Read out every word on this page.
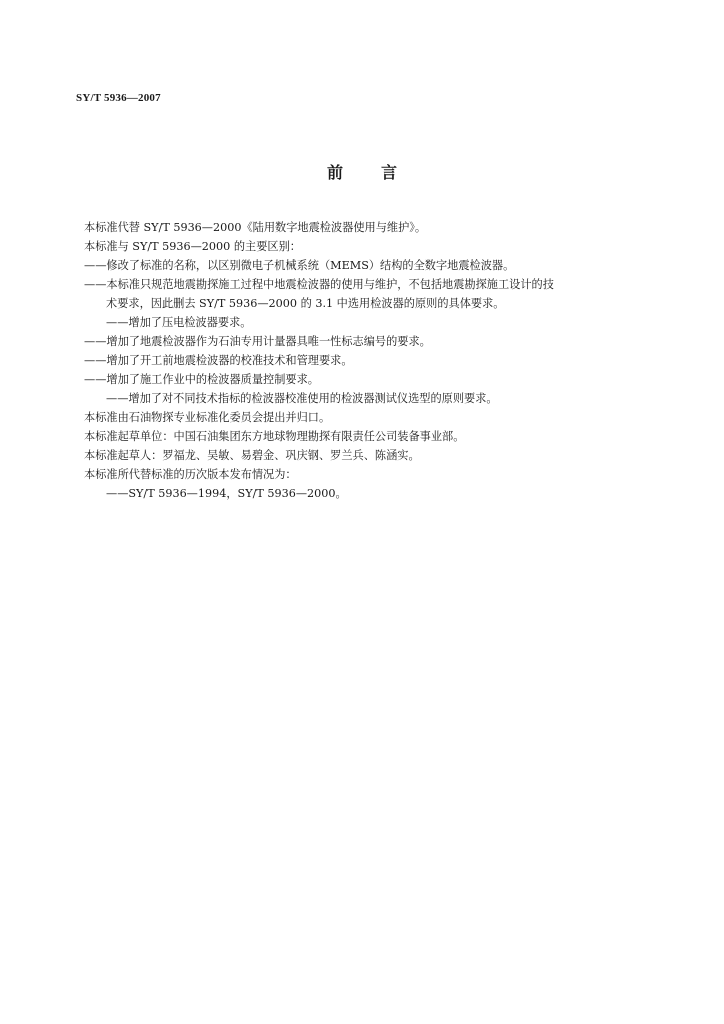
SY/T 5936—2007
前言
本标准代替 SY/T 5936—2000《陆用数字地震检波器使用与维护》。
本标准与 SY/T 5936—2000 的主要区别：
——修改了标准的名称，以区别微电子机械系统（MEMS）结构的全数字地震检波器。
——本标准只规范地震勘探施工过程中地震检波器的使用与维护，不包括地震勘探施工设计的技
术要求，因此删去 SY/T 5936—2000 的 3.1 中选用检波器的原则的具体要求。
——增加了压电检波器要求。
——增加了地震检波器作为石油专用计量器具唯一性标志编号的要求。
——增加了开工前地震检波器的校准技术和管理要求。
——增加了施工作业中的检波器质量控制要求。
——增加了对不同技术指标的检波器校准使用的检波器测试仪选型的原则要求。
本标准由石油物探专业标准化委员会提出并归口。
本标准起草单位：中国石油集团东方地球物理勘探有限责任公司装备事业部。
本标准起草人：罗福龙、吴敏、易碧金、巩庆钢、罗兰兵、陈涵实。
本标准所代替标准的历次版本发布情况为：
——SY/T 5936—1994，SY/T 5936—2000。
